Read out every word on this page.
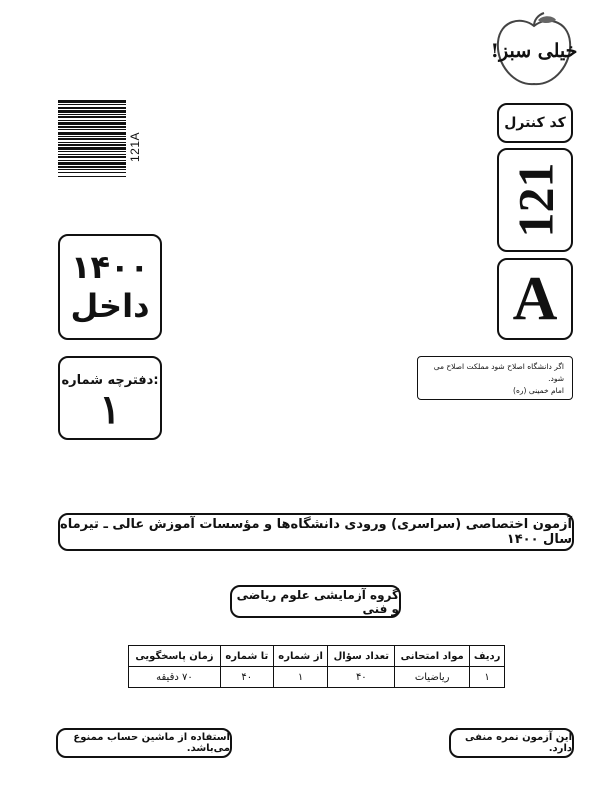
خیلی سبز!
121A
کد کنترل
121
A
۱۴۰۰
داخل
دفترچه شماره:
۱
اگر دانشگاه اصلاح شود مملکت اصلاح می شود.
امام خمینی (ره)
آزمون اختصاصی (سراسری) ورودی دانشگاه‌ها و مؤسسات آموزش عالی ـ تیرماه سال ۱۴۰۰
گروه آزمایشی علوم ریاضی و فنی
ردیف	مواد امتحانی	تعداد سؤال	از شماره	تا شماره	زمان پاسخگویی
۱	ریاضیات	۴۰	۱	۴۰	۷۰ دقیقه
استفاده از ماشین حساب ممنوع می‌باشد.
این آزمون نمره منفی دارد.
